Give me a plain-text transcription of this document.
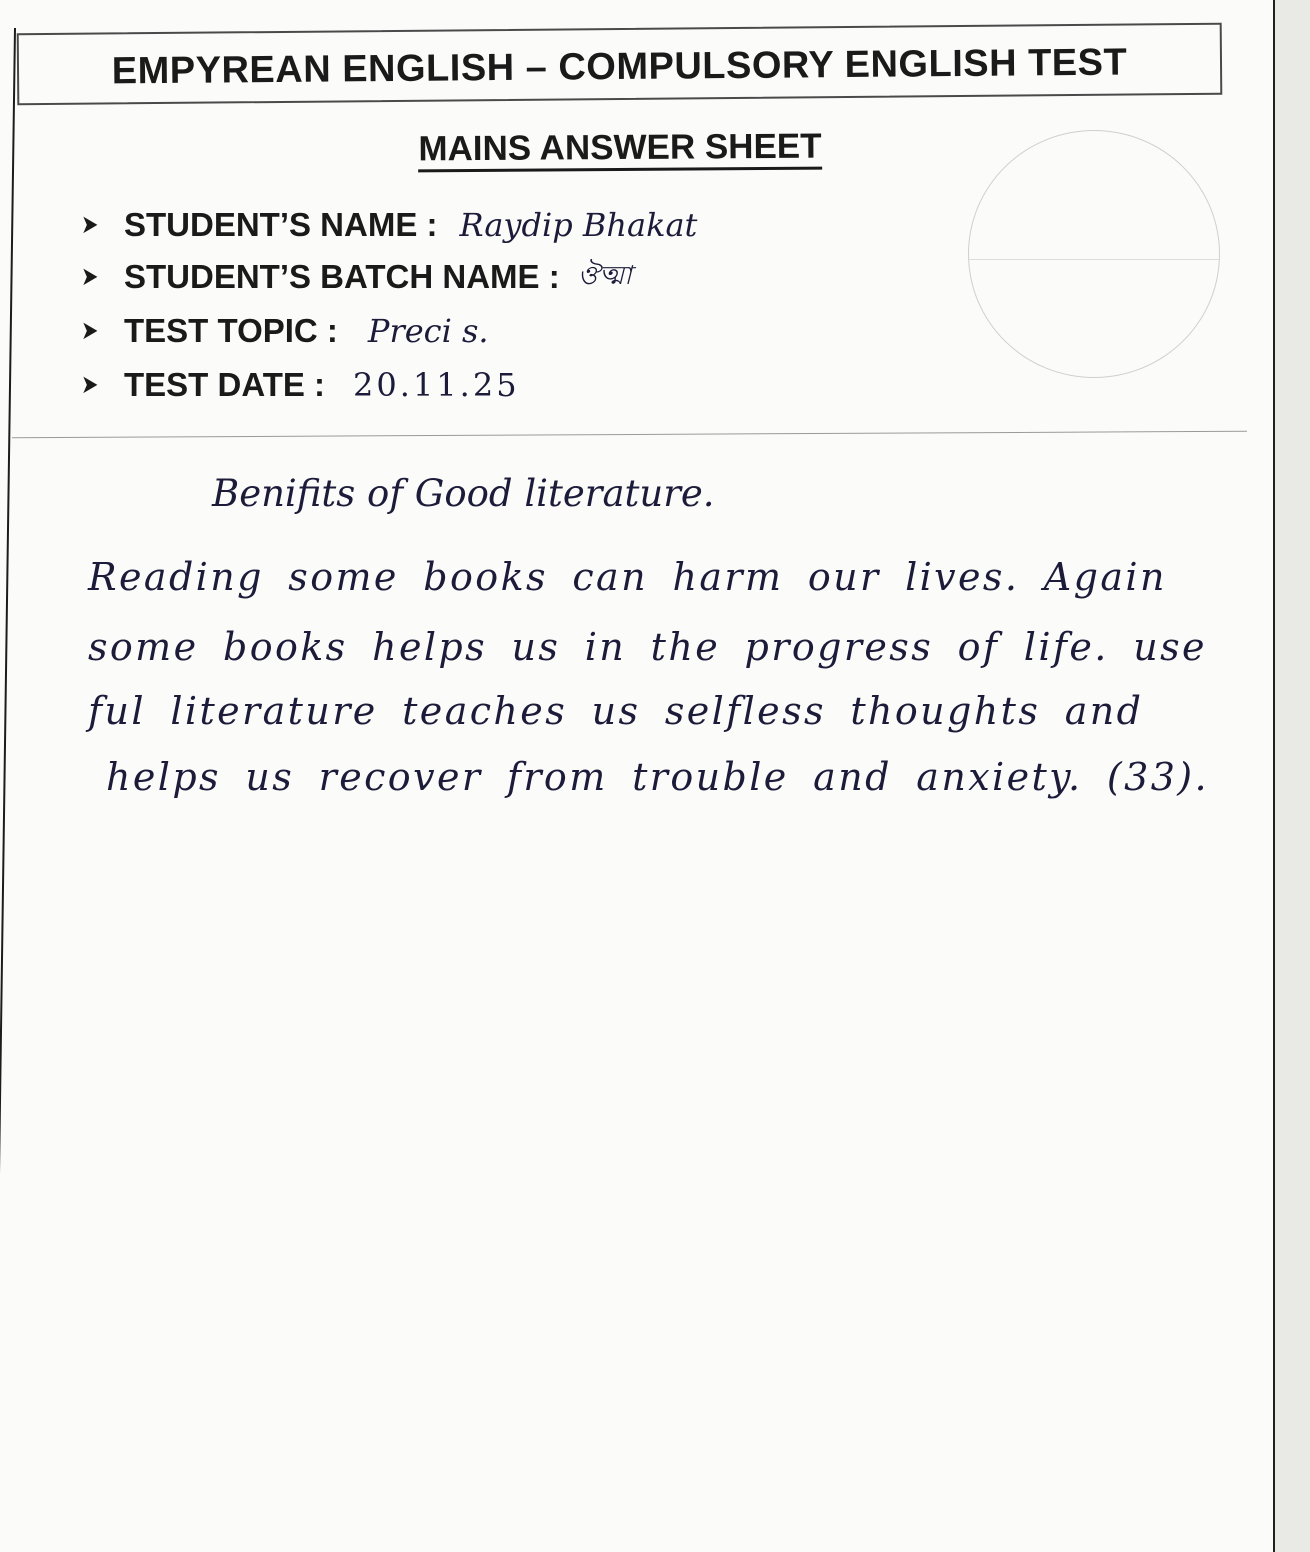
EMPYREAN ENGLISH – COMPULSORY ENGLISH TEST
MAINS ANSWER SHEET
➤ STUDENT’S NAME : Raydip Bhakat
➤ STUDENT’S BATCH NAME : ঔত্মা
➤ TEST TOPIC : Preci s.
➤ TEST DATE : 20.11.25
Benifits of Good literature.
Reading some books can harm our lives. Again
some books helps us in the progress of life. use
ful literature teaches us selfless thoughts and
helps us recover from trouble and anxiety. (33).
